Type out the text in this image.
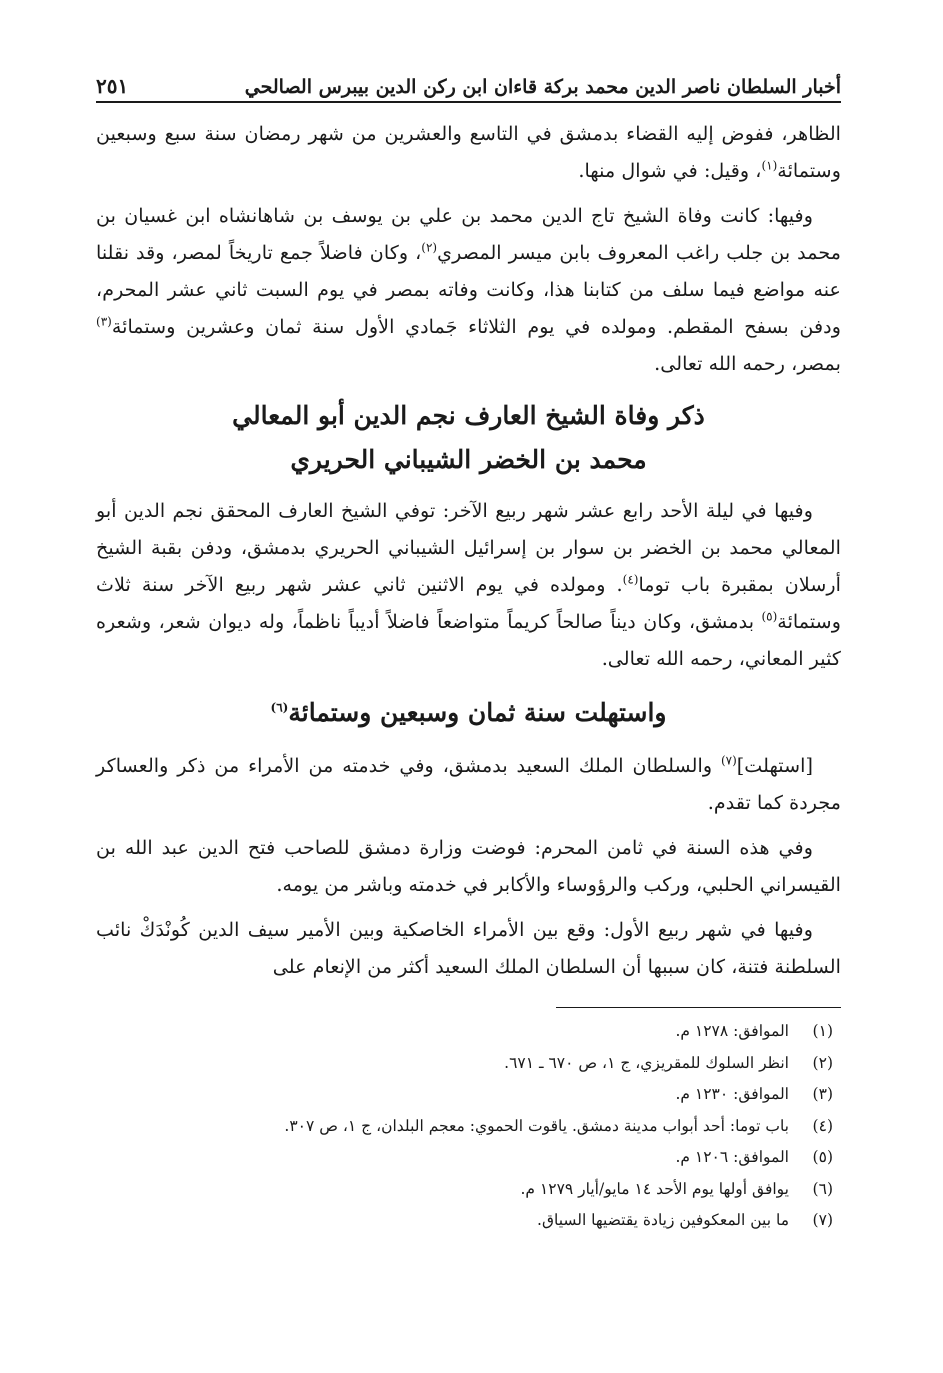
أخبار السلطان ناصر الدين محمد بركة قاءان ابن ركن الدين بيبرس الصالحي
٢٥١

الظاهر، ففوض إليه القضاء بدمشق في التاسع والعشرين من شهر رمضان سنة سبع وسبعين وستمائة$^{(١)}$، وقيل: في شوال منها.

وفيها: كانت وفاة الشيخ تاج الدين محمد بن علي بن يوسف بن شاهانشاه ابن غسيان بن محمد بن جلب راغب المعروف بابن ميسر المصري$^{(٢)}$، وكان فاضلاً جمع تاريخاً لمصر، وقد نقلنا عنه مواضع فيما سلف من كتابنا هذا، وكانت وفاته بمصر في يوم السبت ثاني عشر المحرم، ودفن بسفح المقطم. ومولده في يوم الثلاثاء جَمادي الأول سنة ثمان وعشرين وستمائة$^{(٣)}$ بمصر، رحمه الله تعالى.

ذكر وفاة الشيخ العارف نجم الدين أبو المعالي
محمد بن الخضر الشيباني الحريري

وفيها في ليلة الأحد رابع عشر شهر ربيع الآخر: توفي الشيخ العارف المحقق نجم الدين أبو المعالي محمد بن الخضر بن سوار بن إسرائيل الشيباني الحريري بدمشق، ودفن بقبة الشيخ أرسلان بمقبرة باب توما$^{(٤)}$. ومولده في يوم الاثنين ثاني عشر شهر ربيع الآخر سنة ثلاث وستمائة$^{(٥)}$ بدمشق، وكان ديناً صالحاً كريماً متواضعاً فاضلاً أديباً ناظماً، وله ديوان شعر، وشعره كثير المعاني، رحمه الله تعالى.

واستهلت سنة ثمان وسبعين وستمائة$^{(٦)}$

[استهلت]$^{(٧)}$ والسلطان الملك السعيد بدمشق، وفي خدمته من الأمراء من ذكر والعساكر مجردة كما تقدم.

وفي هذه السنة في ثامن المحرم: فوضت وزارة دمشق للصاحب فتح الدين عبد الله بن القيسراني الحلبي، وركب والرؤوساء والأكابر في خدمته وباشر من يومه.

وفيها في شهر ربيع الأول: وقع بين الأمراء الخاصكية وبين الأمير سيف الدين كُونْدَكْ نائب السلطنة فتنة، كان سببها أن السلطان الملك السعيد أكثر من الإنعام على

(١)
الموافق: ١٢٧٨ م.
(٢)
انظر السلوك للمقريزي، ج ١، ص ٦٧٠ ـ ٦٧١.
(٣)
الموافق: ١٢٣٠ م.
(٤)
باب توما: أحد أبواب مدينة دمشق. ياقوت الحموي: معجم البلدان، ج ١، ص ٣٠٧.
(٥)
الموافق: ١٢٠٦ م.
(٦)
يوافق أولها يوم الأحد ١٤ مايو/أيار ١٢٧٩ م.
(٧)
ما بين المعكوفين زيادة يقتضيها السياق.
